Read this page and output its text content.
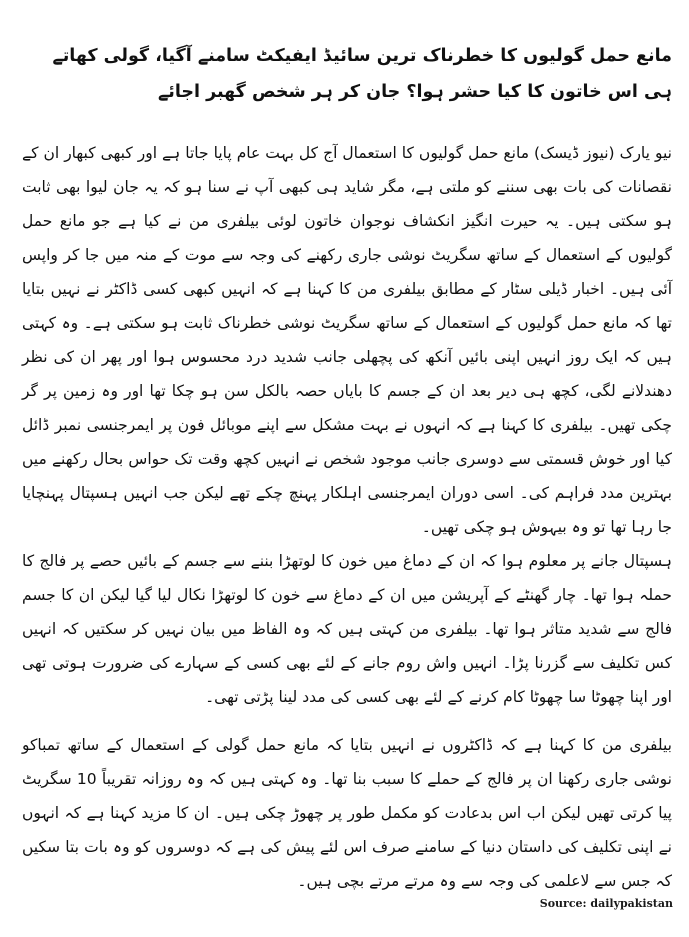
مانع حمل گولیوں کا خطرناک ترین سائیڈ ایفیکٹ سامنے آگیا، گولی کھاتے ہی اس خاتون کا کیا حشر ہوا؟ جان کر ہر شخص گھبر اجائے

نیو یارک (نیوز ڈیسک) مانع حمل گولیوں کا استعمال آج کل بہت عام پایا جاتا ہے اور کبھی کبھار ان کے نقصانات کی بات بھی سننے کو ملتی ہے، مگر شاید ہی کبھی آپ نے سنا ہو کہ یہ جان لیوا بھی ثابت ہو سکتی ہیں۔ یہ حیرت انگیز انکشاف نوجوان خاتون لوئی بیلفری من نے کیا ہے جو مانع حمل گولیوں کے استعمال کے ساتھ سگریٹ نوشی جاری رکھنے کی وجہ سے موت کے منہ میں جا کر واپس آئی ہیں۔ اخبار ڈیلی سٹار کے مطابق بیلفری من کا کہنا ہے کہ انہیں کبھی کسی ڈاکٹر نے نہیں بتایا تھا کہ مانع حمل گولیوں کے استعمال کے ساتھ سگریٹ نوشی خطرناک ثابت ہو سکتی ہے۔ وہ کہتی ہیں کہ ایک روز انہیں اپنی بائیں آنکھ کی پچھلی جانب شدید درد محسوس ہوا اور پھر ان کی نظر دھندلانے لگی، کچھ ہی دیر بعد ان کے جسم کا بایاں حصہ بالکل سن ہو چکا تھا اور وہ زمین پر گر چکی تھیں۔ بیلفری کا کہنا ہے کہ انہوں نے بہت مشکل سے اپنے موبائل فون پر ایمرجنسی نمبر ڈائل کیا اور خوش قسمتی سے دوسری جانب موجود شخص نے انہیں کچھ وقت تک حواس بحال رکھنے میں بہترین مدد فراہم کی۔ اسی دوران ایمرجنسی اہلکار پہنچ چکے تھے لیکن جب انہیں ہسپتال پہنچایا جا رہا تھا تو وہ بیہوش ہو چکی تھیں۔

ہسپتال جانے پر معلوم ہوا کہ ان کے دماغ میں خون کا لوتھڑا بننے سے جسم کے بائیں حصے پر فالج کا حملہ ہوا تھا۔ چار گھنٹے کے آپریشن میں ان کے دماغ سے خون کا لوتھڑا نکال لیا گیا لیکن ان کا جسم فالج سے شدید متاثر ہوا تھا۔ بیلفری من کہتی ہیں کہ وہ الفاظ میں بیان نہیں کر سکتیں کہ انہیں کس تکلیف سے گزرنا پڑا۔ انہیں واش روم جانے کے لئے بھی کسی کے سہارے کی ضرورت ہوتی تھی اور اپنا چھوٹا سا چھوٹا کام کرنے کے لئے بھی کسی کی مدد لینا پڑتی تھی۔

بیلفری من کا کہنا ہے کہ ڈاکٹروں نے انہیں بتایا کہ مانع حمل گولی کے استعمال کے ساتھ تمباکو نوشی جاری رکھنا ان پر فالج کے حملے کا سبب بنا تھا۔ وہ کہتی ہیں کہ وہ روزانہ تقریباً 10 سگریٹ پیا کرتی تھیں لیکن اب اس بدعادت کو مکمل طور پر چھوڑ چکی ہیں۔ ان کا مزید کہنا ہے کہ انہوں نے اپنی تکلیف کی داستان دنیا کے سامنے صرف اس لئے پیش کی ہے کہ دوسروں کو وہ بات بتا سکیں کہ جس سے لاعلمی کی وجہ سے وہ مرتے مرتے بچی ہیں۔

Source: dailypakistan
